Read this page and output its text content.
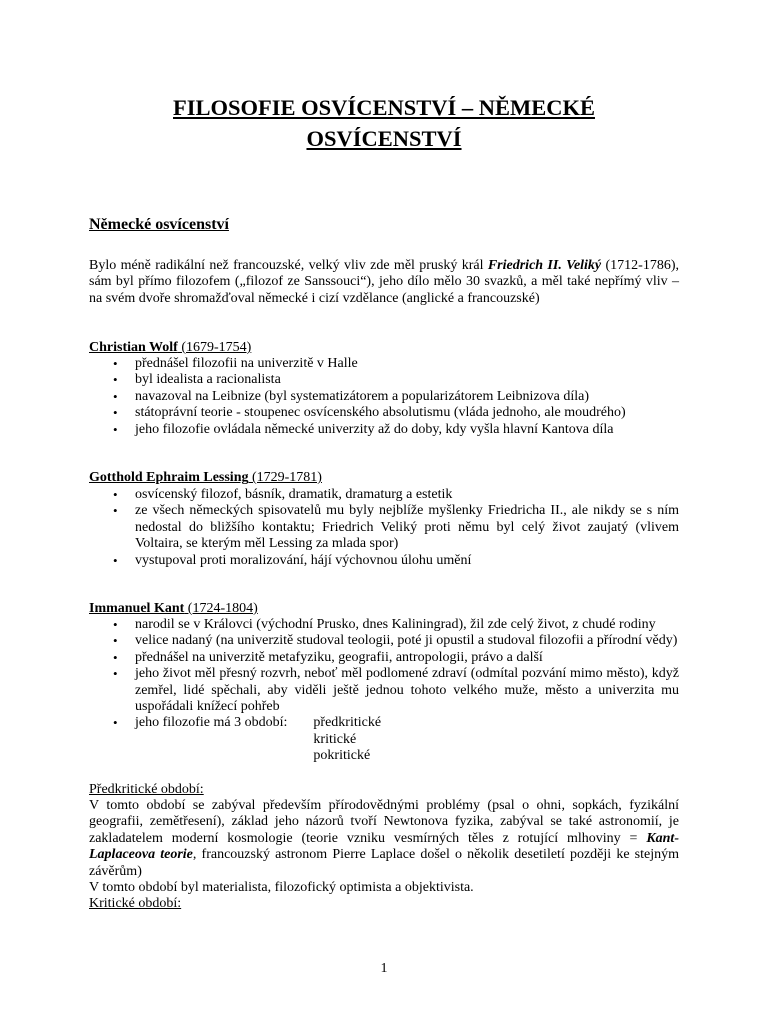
FILOSOFIE OSVÍCENSTVÍ – NĚMECKÉ
OSVÍCENSTVÍ
Německé osvícenství

Bylo méně radikální než francouzské, velký vliv zde měl pruský král Friedrich II. Veliký (1712-1786), sám byl přímo filozofem („filozof ze Sanssouci“), jeho dílo mělo 30 svazků, a měl také nepřímý vliv – na svém dvoře shromažďoval německé i cizí vzdělance (anglické a francouzské)

Christian Wolf (1679-1754)
• přednášel filozofii na univerzitě v Halle
• byl idealista a racionalista
• navazoval na Leibnize (byl systematizátorem a popularizátorem Leibnizova díla)
• státoprávní teorie - stoupenec osvícenského absolutismu (vláda jednoho, ale moudrého)
• jeho filozofie ovládala německé univerzity až do doby, kdy vyšla hlavní Kantova díla
Gotthold Ephraim Lessing (1729-1781)
• osvícenský filozof, básník, dramatik, dramaturg a estetik
• ze všech německých spisovatelů mu byly nejblíže myšlenky Friedricha II., ale nikdy se s ním nedostal do bližšího kontaktu; Friedrich Veliký proti němu byl celý život zaujatý (vlivem Voltaira, se kterým měl Lessing za mlada spor)
• vystupoval proti moralizování, hájí výchovnou úlohu umění
Immanuel Kant (1724-1804)
• narodil se v Královci (východní Prusko, dnes Kaliningrad), žil zde celý život, z chudé rodiny
• velice nadaný (na univerzitě studoval teologii, poté ji opustil a studoval filozofii a přírodní vědy)
• přednášel na univerzitě metafyziku, geografii, antropologii, právo a další
• jeho život měl přesný rozvrh, neboť měl podlomené zdraví (odmítal pozvání mimo město), když zemřel, lidé spěchali, aby viděli ještě jednou tohoto velkého muže, město a univerzita mu uspořádali knížecí pohřeb
• jeho filozofie má 3 období: předkritické
kritické
pokritické
Předkritické období:

V tomto období se zabýval především přírodovědnými problémy (psal o ohni, sopkách, fyzikální geografii, zemětřesení), základ jeho názorů tvoří Newtonova fyzika, zabýval se také astronomií, je zakladatelem moderní kosmologie (teorie vzniku vesmírných těles z rotující mlhoviny = Kant-Laplaceova teorie, francouzský astronom Pierre Laplace došel o několik desetiletí později ke stejným závěrům)
V tomto období byl materialista, filozofický optimista a objektivista.

Kritické období:
1
